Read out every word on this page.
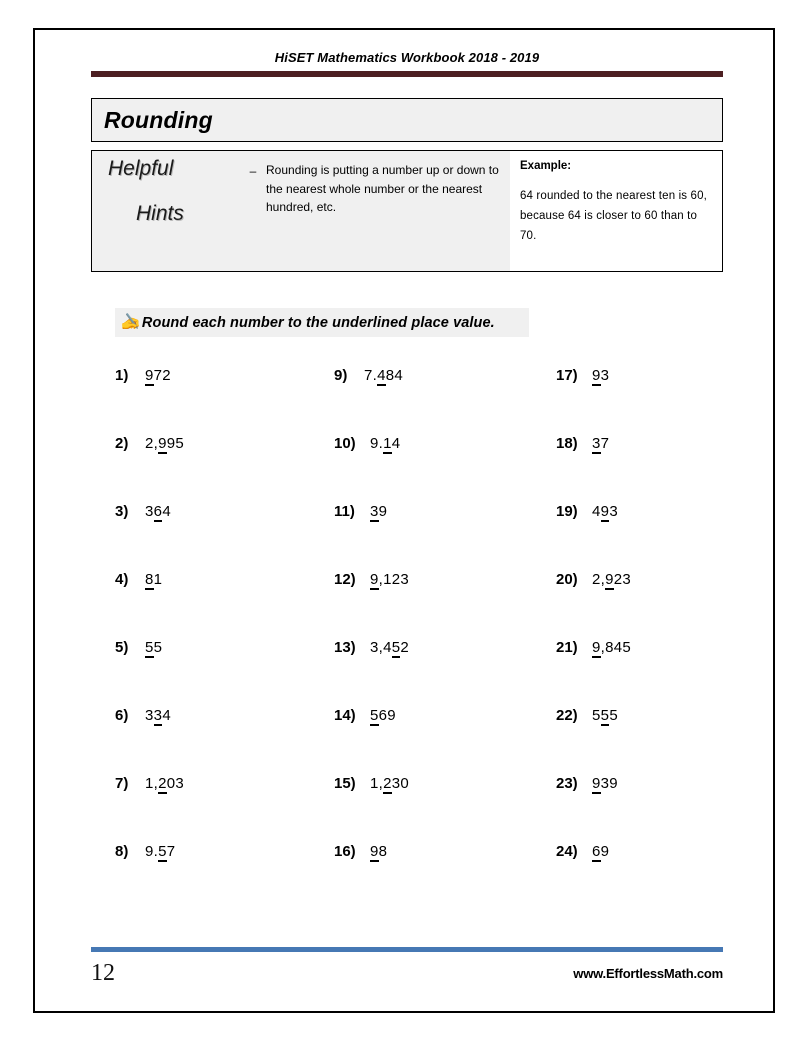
HiSET Mathematics Workbook 2018 - 2019
Rounding
Helpful
Hints
– Rounding is putting a number up or down to the nearest whole number or the nearest hundred, etc.
Example:
64 rounded to the nearest ten is 60, because 64 is closer to 60 than to 70.
✍ Round each number to the underlined place value.
1)	972	9)	7.484	17) 93
2)	2,995	10) 9.14	18) 37
3)	364	11)	39	19) 493
4)	81	12) 9,123	20) 2,923
5)	55	13) 3,452	21) 9,845
6)	334	14) 569	22) 555
7)	1,203	15) 1,230	23) 939
8)	9.57	16) 98	24) 69
12	www.EffortlessMath.com
